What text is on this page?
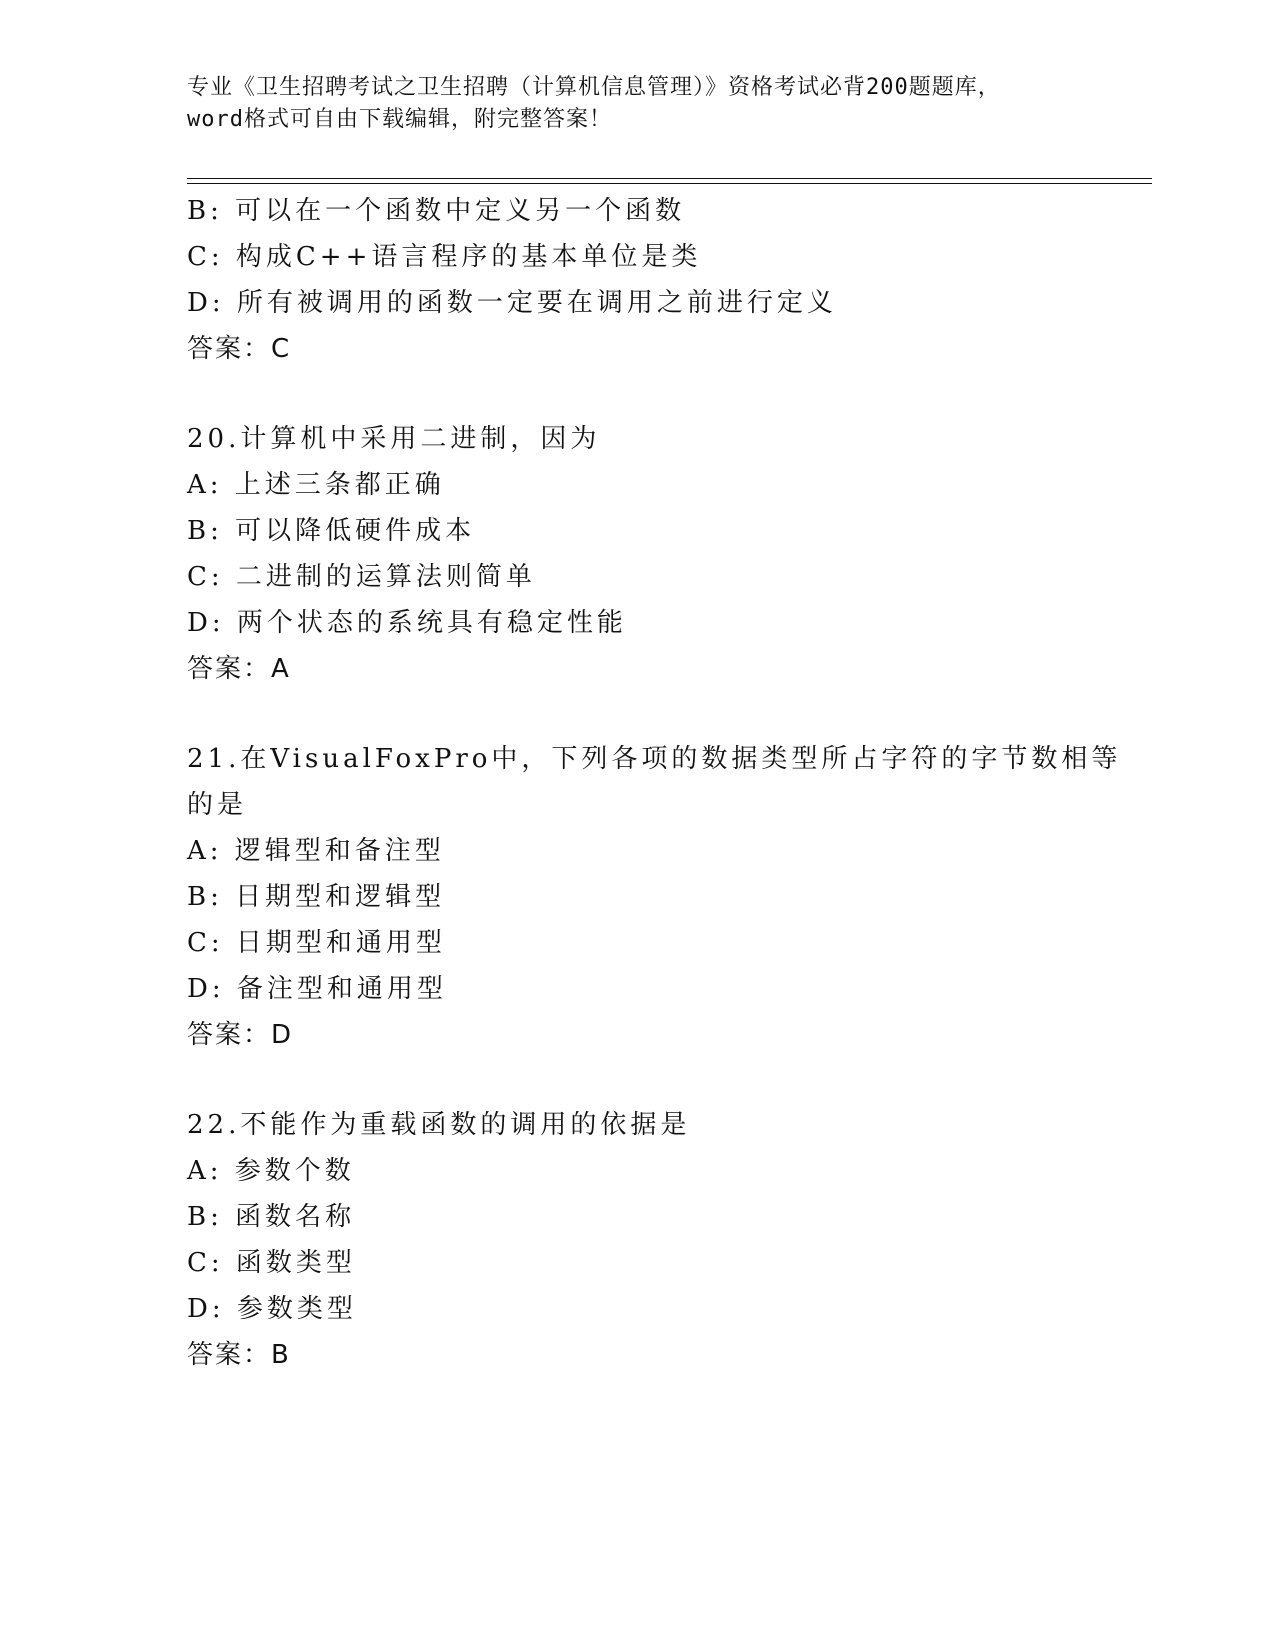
专业《卫生招聘考试之卫生招聘（计算机信息管理）》资格考试必背200题题库，
word格式可自由下载编辑，附完整答案！
B: 可以在一个函数中定义另一个函数
C: 构成C++语言程序的基本单位是类
D: 所有被调用的函数一定要在调用之前进行定义
答案：C
20.计算机中采用二进制，因为
A: 上述三条都正确
B: 可以降低硬件成本
C: 二进制的运算法则简单
D: 两个状态的系统具有稳定性能
答案：A
21.在VisualFoxPro中，下列各项的数据类型所占字符的字节数相等
的是
A: 逻辑型和备注型
B: 日期型和逻辑型
C: 日期型和通用型
D: 备注型和通用型
答案：D
22.不能作为重载函数的调用的依据是
A: 参数个数
B: 函数名称
C: 函数类型
D: 参数类型
答案：B
